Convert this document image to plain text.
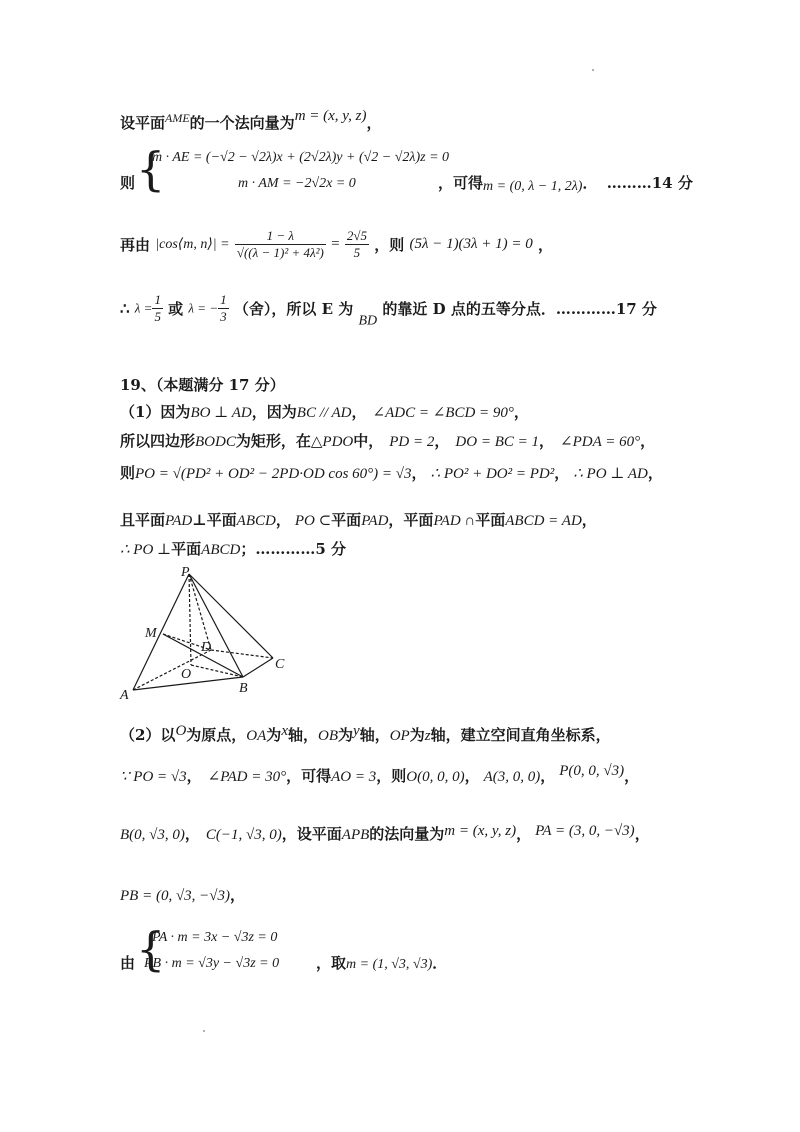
设平面$^{AME}$的一个法向量为m = (x, y, z)，
则 {
m · AE = (−√2 − √2λ)x + (2√2λ)y + (√2 − √2λ)z = 0
m · AM = −2√2x = 0	，可得m = (0, λ − 1, 2λ)． ………14 分
再由 |cos⟨m, n⟩| = $\frac{1 - \lambda}{\text{√((λ − 1)² + 4λ²)}} = \frac{2√5}{5}$ ，则 (5λ − 1)(3λ + 1) = 0 ，
∴ $\lambda = \frac{1}{5}$ 或 λ = − $\frac{1}{3}$ （舍），所以 E 为 BD 的靠近 D 点的五等分点．…………17 分
19、（本题满分 17 分）
（1）因为BO ⊥ AD，因为BC // AD， ∠ADC = ∠BCD = 90°，
所以四边形BODC为矩形，在△PDO中， PD = 2， DO = BC = 1， ∠PDA = 60°，
则PO = √(PD² + OD² − 2PD·OD cos 60°) = √3， ∴ PO² + DO² = PD²， ∴ PO ⊥ AD，
且平面PAD⊥平面ABCD， PO ⊂平面PAD，平面PAD ∩平面ABCD = AD，
∴ PO ⊥平面ABCD；…………5 分
P
M
D
C
O
A	B
（2）以O为原点，OA为x轴，OB为y轴，OP为z轴，建立空间直角坐标系，
∵ PO = √3， ∠PAD = 30°，可得AO = 3，则O(0, 0, 0)， A(3, 0, 0)， P(0, 0, √3)，
B(0, √3, 0)， C(−1, √3, 0)，设平面APB的法向量为m = (x, y, z)， PA = (3, 0, −√3)，
PB = (0, √3, −√3)，
由 {
PA · m = 3x − √3z = 0
PB · m = √3y − √3z = 0 ，取m = (1, √3, √3)．
